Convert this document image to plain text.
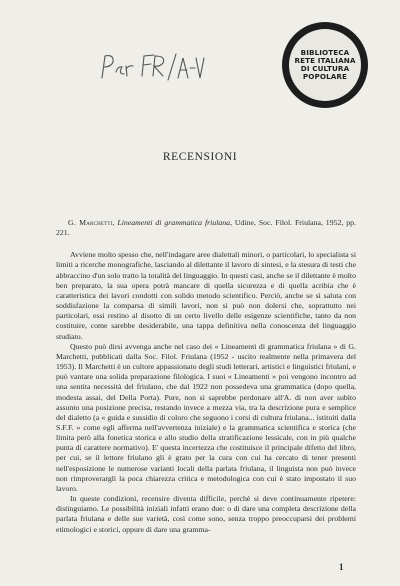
BIBLIOTECA
RETE ITALIANA
DI CULTURA
POPOLARE
RECENSIONI

G. Marchetti, Lineamenti di grammatica friulana, Udine, Soc. Filol. Friulana, 1952, pp. 221.

Avviene molto spesso che, nell'indagare aree dialettali minori, o particolari, lo specialista si limiti a ricerche monografiche, lasciando al dilettante il lavoro di sintesi, e la stesura di testi che abbraccino d'un solo tratto la totalità del linguaggio. In questi casi, anche se il dilettante è molto ben preparato, la sua opera potrà mancare di quella sicurezza e di quella acribia che è caratteristica dei lavori condotti con solido metodo scientifico. Perciò, anche se si saluta con soddisfazione la comparsa di simili lavori, non si può non dolersi che, soprattutto nei particolari, essi restino al disotto di un certo livello delle esigenze scientifiche, tanto da non costituire, come sarebbe desiderabile, una tappa definitiva nella conoscenza del linguaggio studiato.

Questo può dirsi avvenga anche nel caso dei « Lineamenti di grammatica friulana » di G. Marchetti, pubblicati dalla Soc. Filol. Friulana (1952 - uscito realmente nella primavera del 1953). Il Marchetti è un cultore appassionato degli studi letterari, artistici e linguistici friulani, e può vantare una solida preparazione filologica. I suoi « Lineamenti » poi vengono incontro ad una sentita necessità del friulano, che dal 1922 non possedeva una grammatica (dopo quella, modesta assai, del Della Porta). Pure, non si saprebbe perdonare all'A. di non aver subito assunto una posizione precisa, restando invece a mezza via, tra la descrizione pura e semplice del dialetto (a « guida e sussidio di coloro che seguono i corsi di cultura friulana... istituiti dalla S.F.F. » come egli afferma nell'avvertenza iniziale) e la grammatica scientifica e storica (che limita però alla fonetica storica e allo studio della stratificazione lessicale, con in più qualche punta di carattere normativo). E' questa incertezza che costituisce il principale difetto del libro, per cui, se il lettore friulano gli è grato per la cura con cui ha cercato di tener presenti nell'esposizione le numerose varianti locali della parlata friulana, il linguista non può invece non rimproverargli la poca chiarezza critica e metodologica con cui è stato impostato il suo lavoro.

In queste condizioni, recensire diventa difficile, perchè si deve continuamente ripetere: distinguiamo. Le possibilità iniziali infatti erano due: o di dare una completa descrizione della parlata friulana e delle sue varietà, così come sono, senza troppo preoccuparsi dei problemi etimologici e storici, oppure di dare una gramma-

1
